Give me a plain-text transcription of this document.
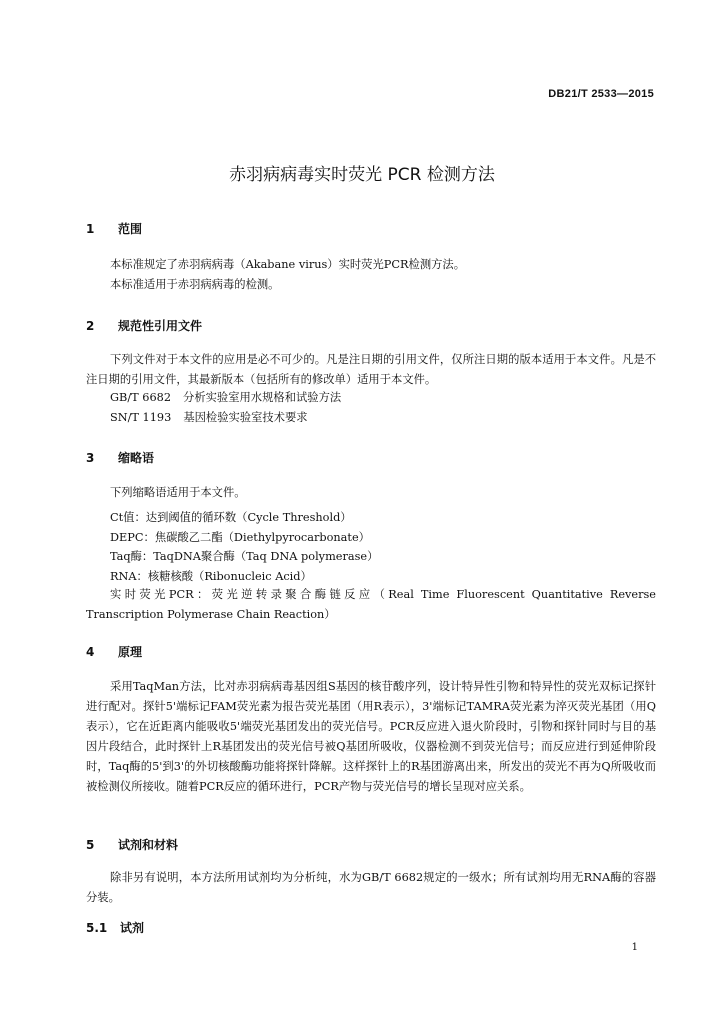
DB21/T 2533—2015
赤羽病病毒实时荧光 PCR 检测方法
1 范围
本标准规定了赤羽病病毒（Akabane virus）实时荧光PCR检测方法。
本标准适用于赤羽病病毒的检测。
2 规范性引用文件
下列文件对于本文件的应用是必不可少的。凡是注日期的引用文件，仅所注日期的版本适用于本文件。凡是不注日期的引用文件，其最新版本（包括所有的修改单）适用于本文件。
GB/T 6682 分析实验室用水规格和试验方法
SN/T 1193 基因检验实验室技术要求
3 缩略语
下列缩略语适用于本文件。
Ct值：达到阈值的循环数（Cycle Threshold）
DEPC：焦碳酸乙二酯（Diethylpyrocarbonate）
Taq酶：TaqDNA聚合酶（Taq DNA polymerase）
RNA：核糖核酸（Ribonucleic Acid）
实时荧光PCR：荧光逆转录聚合酶链反应（Real Time Fluorescent Quantitative Reverse Transcription Polymerase Chain Reaction）
4 原理
采用TaqMan方法，比对赤羽病病毒基因组S基因的核苷酸序列，设计特异性引物和特异性的荧光双标记探针进行配对。探针5'端标记FAM荧光素为报告荧光基团（用R表示），3'端标记TAMRA荧光素为淬灭荧光基团（用Q表示），它在近距离内能吸收5'端荧光基团发出的荧光信号。PCR反应进入退火阶段时，引物和探针同时与目的基因片段结合，此时探针上R基团发出的荧光信号被Q基团所吸收，仪器检测不到荧光信号；而反应进行到延伸阶段时，Taq酶的5'到3'的外切核酸酶功能将探针降解。这样探针上的R基团游离出来，所发出的荧光不再为Q所吸收而被检测仪所接收。随着PCR反应的循环进行，PCR产物与荧光信号的增长呈现对应关系。
5 试剂和材料
除非另有说明，本方法所用试剂均为分析纯，水为GB/T 6682规定的一级水；所有试剂均用无RNA酶的容器分装。
5.1 试剂
1
